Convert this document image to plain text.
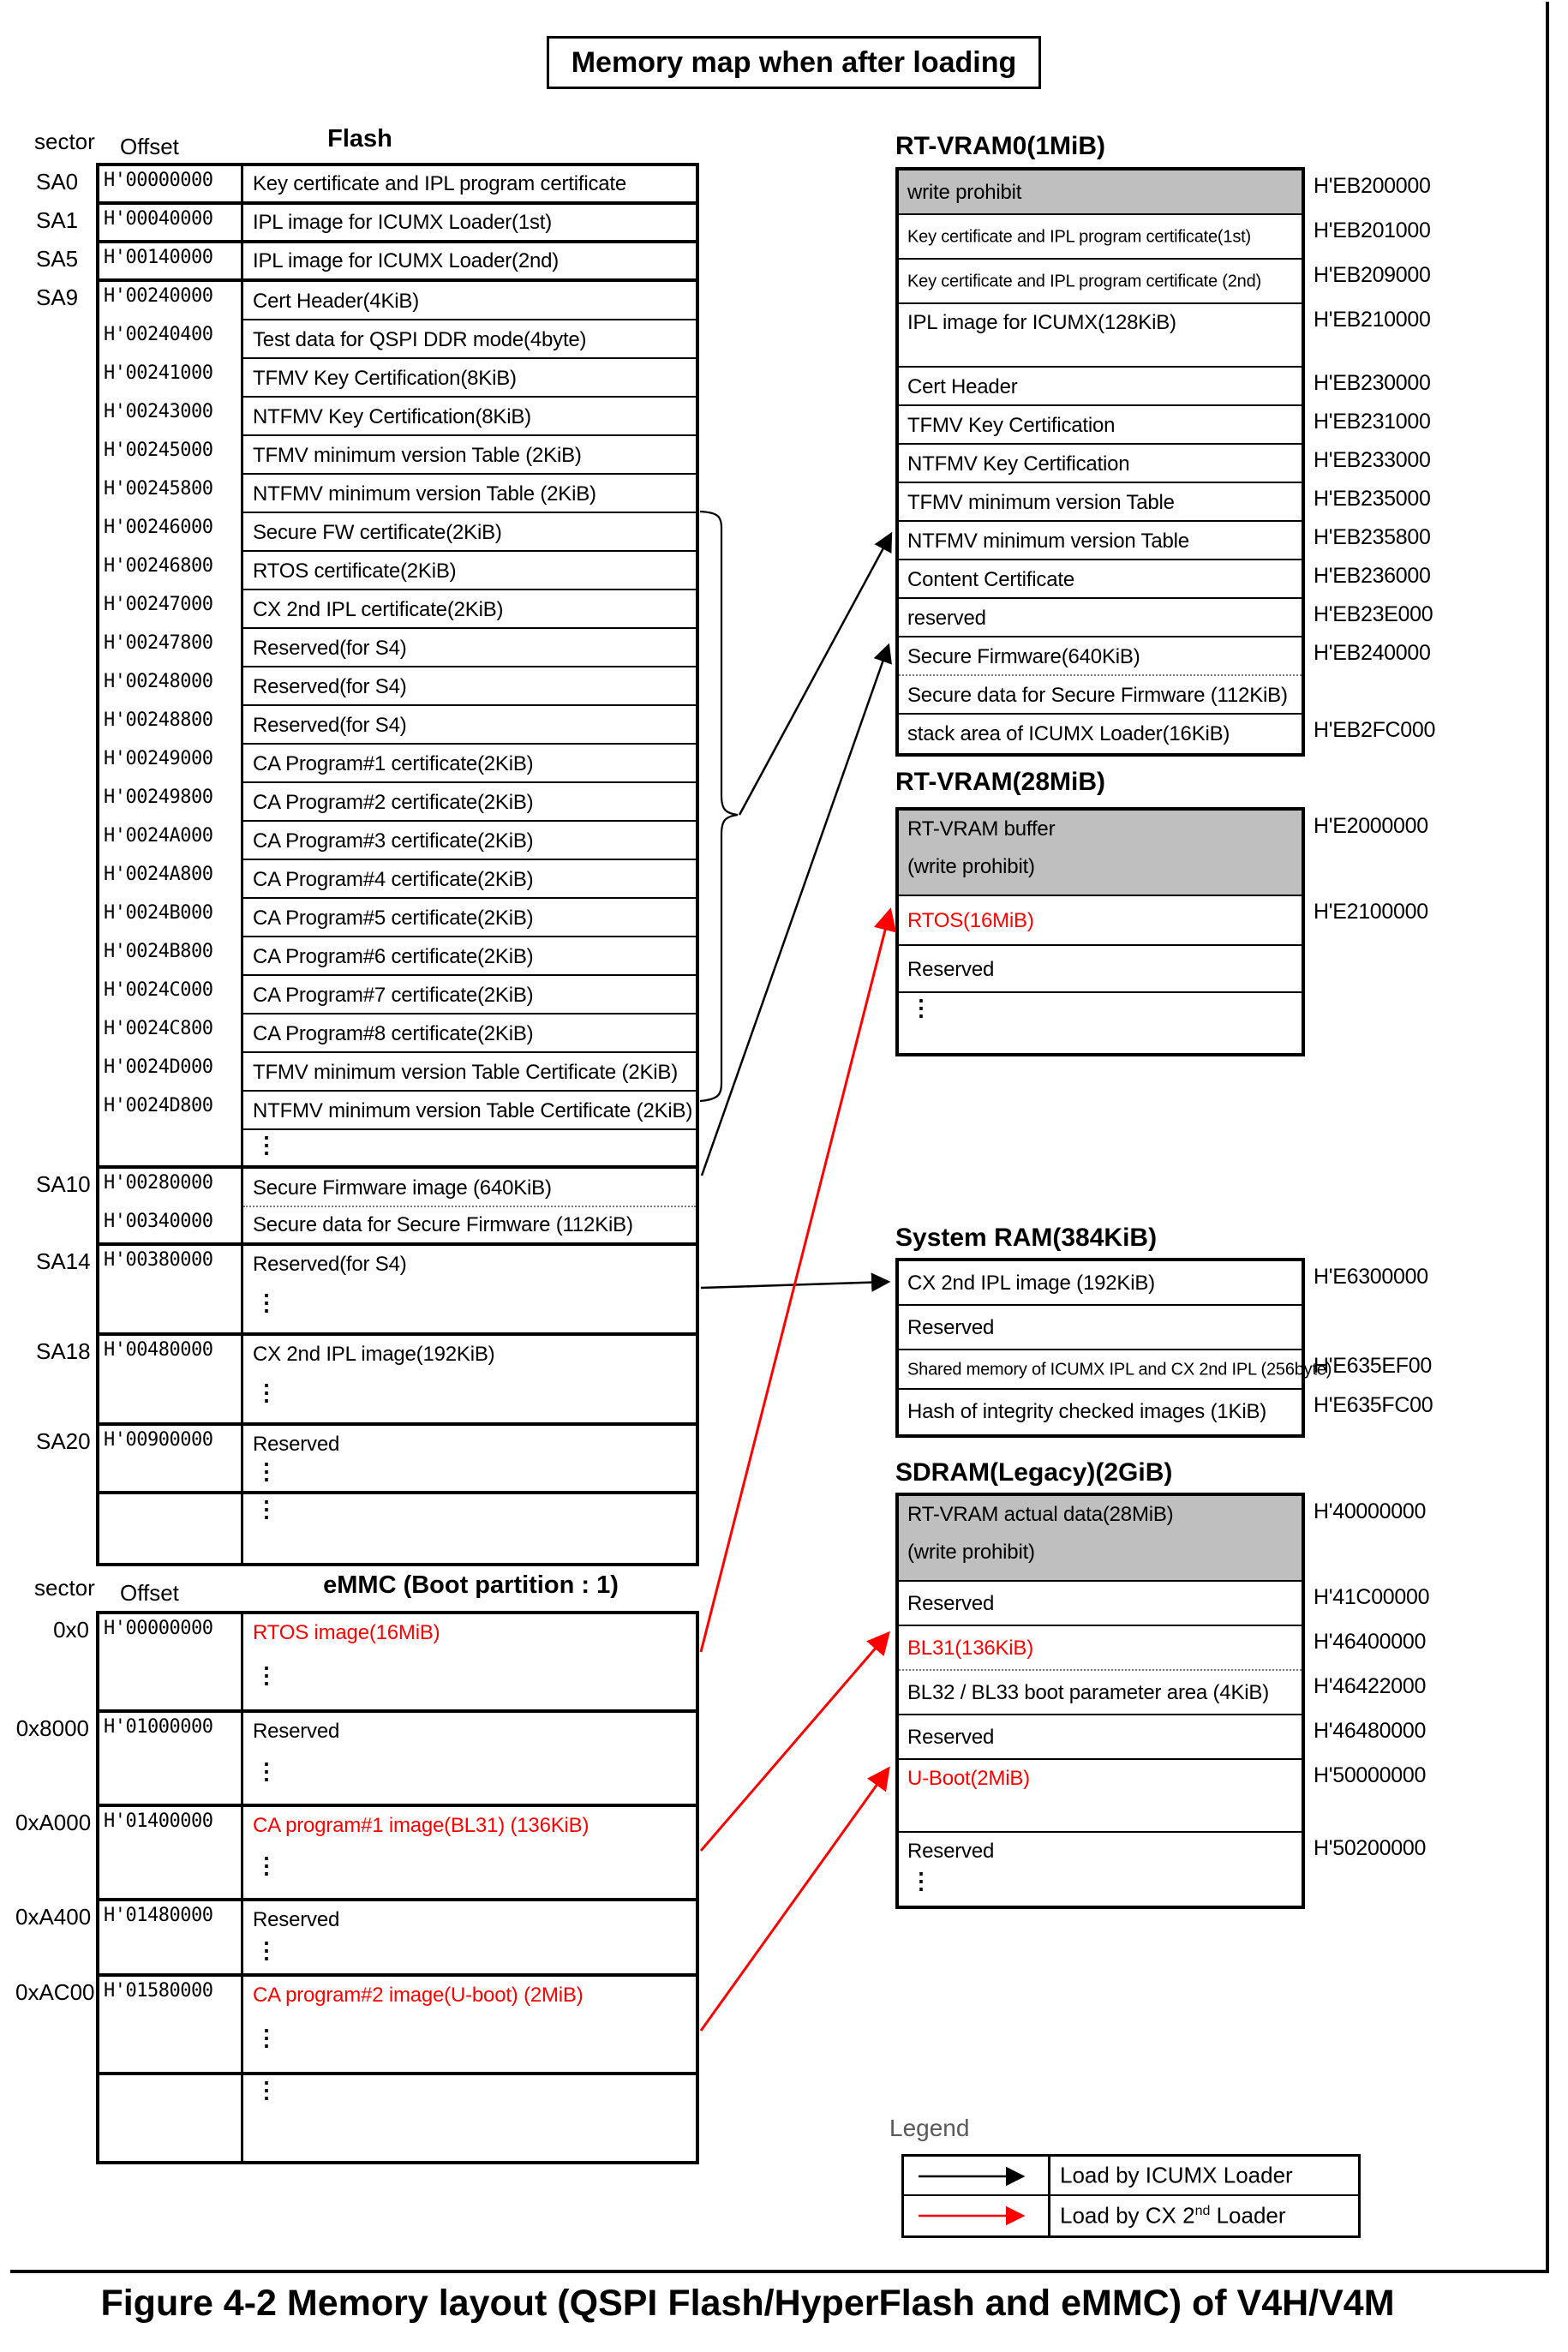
Memory map when after loading
sector Offset	Flash
sector Offset	eMMC (Boot partition : 1)
RT-VRAM0(1MiB)
RT-VRAM(28MiB)
System RAM(384KiB)
SDRAM(Legacy)(2GiB)
SA0	H'00000000 Key certificate and IPL program certificate
SA1	H'00040000 IPL image for ICUMX Loader(1st)
SA5	H'00140000 IPL image for ICUMX Loader(2nd)
SA9	H'00240000 Cert Header(4KiB)
H'00240400 Test data for QSPI DDR mode(4byte)
H'00241000 TFMV Key Certification(8KiB)
H'00243000 NTFMV Key Certification(8KiB)
H'00245000 TFMV minimum version Table (2KiB)
H'00245800 NTFMV minimum version Table (2KiB)
H'00246000 Secure FW certificate(2KiB)
H'00246800 RTOS certificate(2KiB)
H'00247000 CX 2nd IPL certificate(2KiB)
H'00247800 Reserved(for S4)
H'00248000 Reserved(for S4)
H'00248800 Reserved(for S4)
H'00249000 CA Program#1 certificate(2KiB)
H'00249800 CA Program#2 certificate(2KiB)
H'0024A000 CA Program#3 certificate(2KiB)
H'0024A800 CA Program#4 certificate(2KiB)
H'0024B000 CA Program#5 certificate(2KiB)
H'0024B800 CA Program#6 certificate(2KiB)
H'0024C000 CA Program#7 certificate(2KiB)
H'0024C800 CA Program#8 certificate(2KiB)
H'0024D000 TFMV minimum version Table Certificate (2KiB)
H'0024D800 NTFMV minimum version Table Certificate (2KiB)
⋮
SA10 H'00280000 Secure Firmware image (640KiB)
H'00340000 Secure data for Secure Firmware (112KiB)
SA14 H'00380000 Reserved(for S4)
⋮
SA18 H'00480000 CX 2nd IPL image(192KiB)
⋮
SA20 H'00900000 Reserved
⋮
⋮
0x0 H'00000000 RTOS image(16MiB)
⋮
0x8000 H'01000000 Reserved
⋮
0xA000 H'01400000 CA program#1 image(BL31) (136KiB)
⋮
0xA400 H'01480000 Reserved
⋮
0xAC00 H'01580000 CA program#2 image(U-boot) (2MiB)
⋮
⋮
write prohibit	H'EB200000
Key certificate and IPL program certificate(1st)	H'EB201000
Key certificate and IPL program certificate (2nd) H'EB209000
IPL image for ICUMX(128KiB)	H'EB210000
Cert Header	H'EB230000
TFMV Key Certification	H'EB231000
NTFMV Key Certification	H'EB233000
TFMV minimum version Table	H'EB235000
NTFMV minimum version Table	H'EB235800
Content Certificate	H'EB236000
reserved	H'EB23E000
Secure Firmware(640KiB)	H'EB240000
Secure data for Secure Firmware (112KiB)
stack area of ICUMX Loader(16KiB)	H'EB2FC000
RT-VRAM buffer
(write prohibit)
H'E2000000
RTOS(16MiB)	H'E2100000
Reserved
⋮
CX 2nd IPL image (192KiB)	H'E6300000
Reserved
Shared memory of ICUMX IPL and CX 2nd IPL (256byte)
H'E635EF00
Hash of integrity checked images (1KiB) H'E635FC00
RT-VRAM actual data(28MiB)
(write prohibit)
H'40000000
Reserved	H'41C00000
BL31(136KiB)	H'46400000
BL32 / BL33 boot parameter area (4KiB) H'46422000
Reserved	H'46480000
U-Boot(2MiB)	H'50000000
Reserved
⋮
H'50200000
Legend
Load by ICUMX Loader
Load by CX 2nd Loader
Figure 4-2 Memory layout (QSPI Flash/HyperFlash and eMMC) of V4H/V4M
